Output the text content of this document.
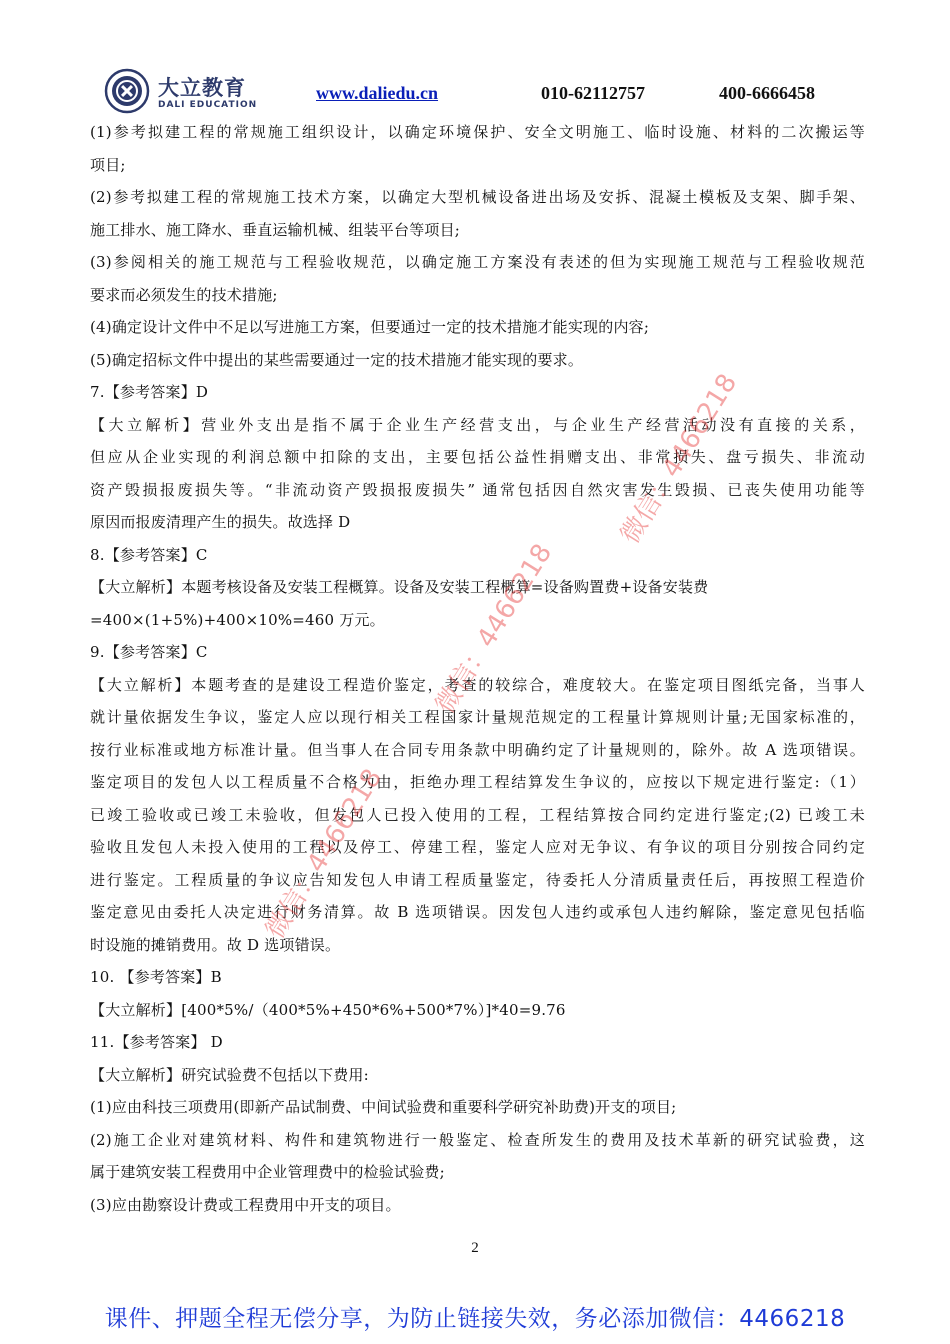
大立教育
DALI EDUCATION
www.daliedu.cn	010-62112757	400-6666458
(1)参考拟建工程的常规施工组织设计，以确定环境保护、安全文明施工、临时设施、材料的二次搬运等
项目;
(2)参考拟建工程的常规施工技术方案，以确定大型机械设备进出场及安拆、混凝土模板及支架、脚手架、
施工排水、施工降水、垂直运输机械、组装平台等项目;
(3)参阅相关的施工规范与工程验收规范，以确定施工方案没有表述的但为实现施工规范与工程验收规范
要求而必须发生的技术措施;
(4)确定设计文件中不足以写进施工方案，但要通过一定的技术措施才能实现的内容;
(5)确定招标文件中提出的某些需要通过一定的技术措施才能实现的要求。
7.【参考答案】D
【大立解析】营业外支出是指不属于企业生产经营支出，与企业生产经营活动没有直接的关系，
但应从企业实现的利润总额中扣除的支出，主要包括公益性捐赠支出、非常损失、盘亏损失、非流动
资产毁损报废损失等。“非流动资产毁损报废损失” 通常包括因自然灾害发生毁损、已丧失使用功能等
原因而报废清理产生的损失。故选择 D
8.【参考答案】C
【大立解析】本题考核设备及安装工程概算。设备及安装工程概算=设备购置费+设备安装费
=400×(1+5%)+400×10%=460 万元。
9.【参考答案】C
【大立解析】本题考查的是建设工程造价鉴定，考查的较综合，难度较大。在鉴定项目图纸完备，当事人
就计量依据发生争议，鉴定人应以现行相关工程国家计量规范规定的工程量计算规则计量;无国家标准的，
按行业标准或地方标准计量。但当事人在合同专用条款中明确约定了计量规则的，除外。故 A 选项错误。
鉴定项目的发包人以工程质量不合格为由，拒绝办理工程结算发生争议的，应按以下规定进行鉴定:（1）
已竣工验收或已竣工未验收，但发包人已投入使用的工程，工程结算按合同约定进行鉴定;(2) 已竣工未
验收且发包人未投入使用的工程以及停工、停建工程，鉴定人应对无争议、有争议的项目分别按合同约定
进行鉴定。工程质量的争议应告知发包人申请工程质量鉴定，待委托人分清质量责任后，再按照工程造价
鉴定意见由委托人决定进行财务清算。故 B 选项错误。因发包人违约或承包人违约解除，鉴定意见包括临
时设施的摊销费用。故 D 选项错误。
10. 【参考答案】B
【大立解析】[400*5%/（400*5%+450*6%+500*7%）]*40=9.76
11.【参考答案】 D
【大立解析】研究试验费不包括以下费用:
(1)应由科技三项费用(即新产品试制费、中间试验费和重要科学研究补助费)开支的项目;
(2)施工企业对建筑材料、构件和建筑物进行一般鉴定、检查所发生的费用及技术革新的研究试验费，这
属于建筑安装工程费用中企业管理费中的检验试验费;
(3)应由勘察设计费或工程费用中开支的项目。
2
课件、押题全程无偿分享，为防止链接失效，务必添加微信：4466218
微信：4466218
微信：4466218
微信：4466218
